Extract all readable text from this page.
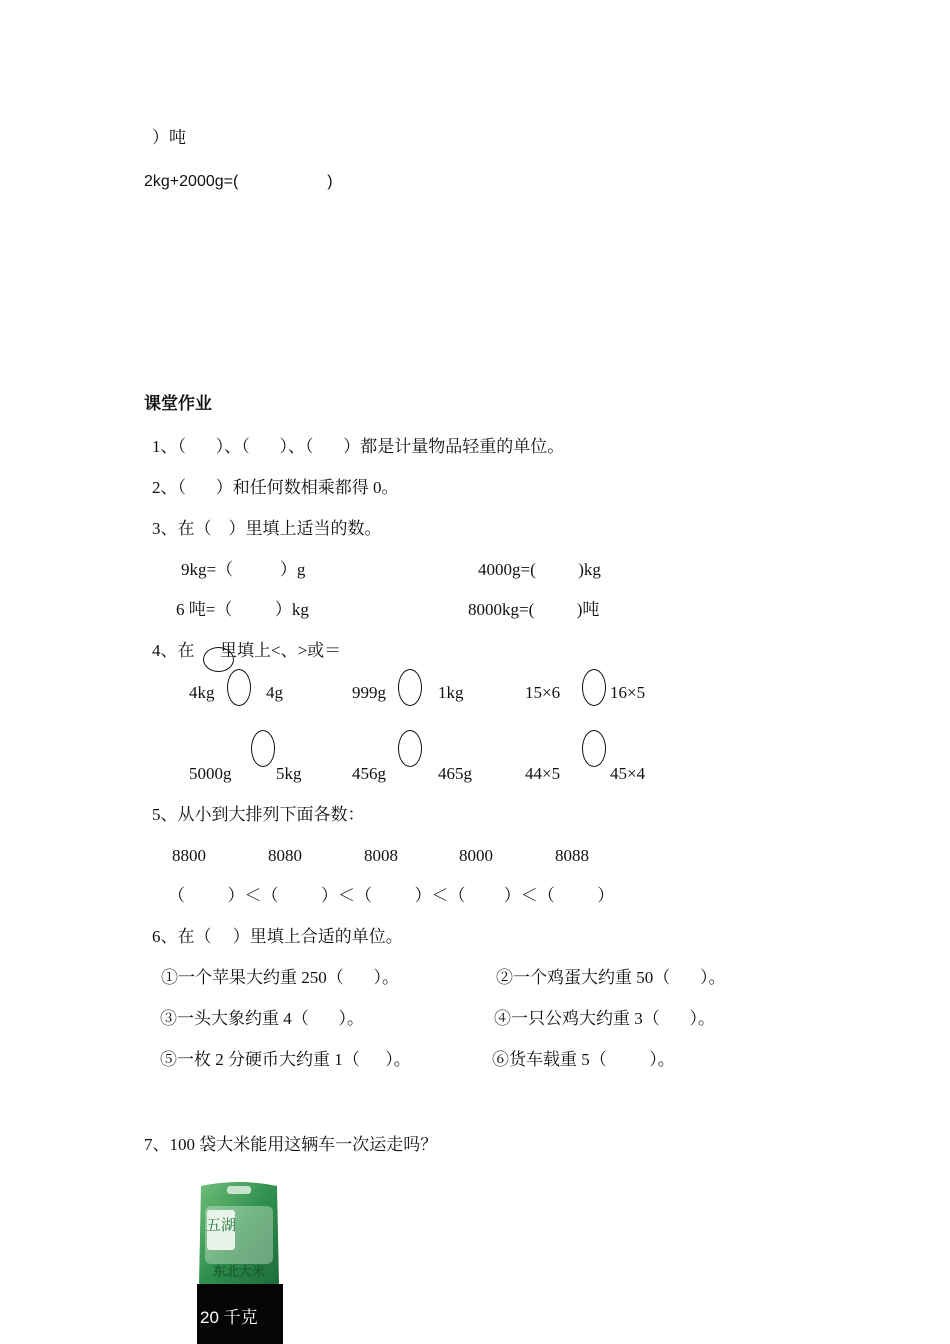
）吨
2kg+2000g=(                    )
课堂作业
1、（       ）、（       ）、（       ）都是计量物品轻重的单位。
2、（       ）和任何数相乘都得 0。
3、在（    ）里填上适当的数。
9kg=（           ）g	4000g=(          )kg
6 吨=（          ）kg	8000kg=(          )吨
4、在      里填上<、>或＝
4kg	4g	999g	1kg	15×6	16×5
5000g	5kg	456g	465g	44×5	45×4
5、从小到大排列下面各数：
8800	8080	8008	8000	8088
（          ）＜（          ）＜（          ）＜（         ）＜（          ）
6、在（     ）里填上合适的单位。
①一个苹果大约重 250（       ）。	②一个鸡蛋大约重 50（       ）。
③一头大象约重 4（       ）。	④一只公鸡大约重 3（       ）。
⑤一枚 2 分硬币大约重 1（      ）。	⑥货车载重 5（          ）。
7、100 袋大米能用这辆车一次运走吗？
五湖
东北大米
20 千克
